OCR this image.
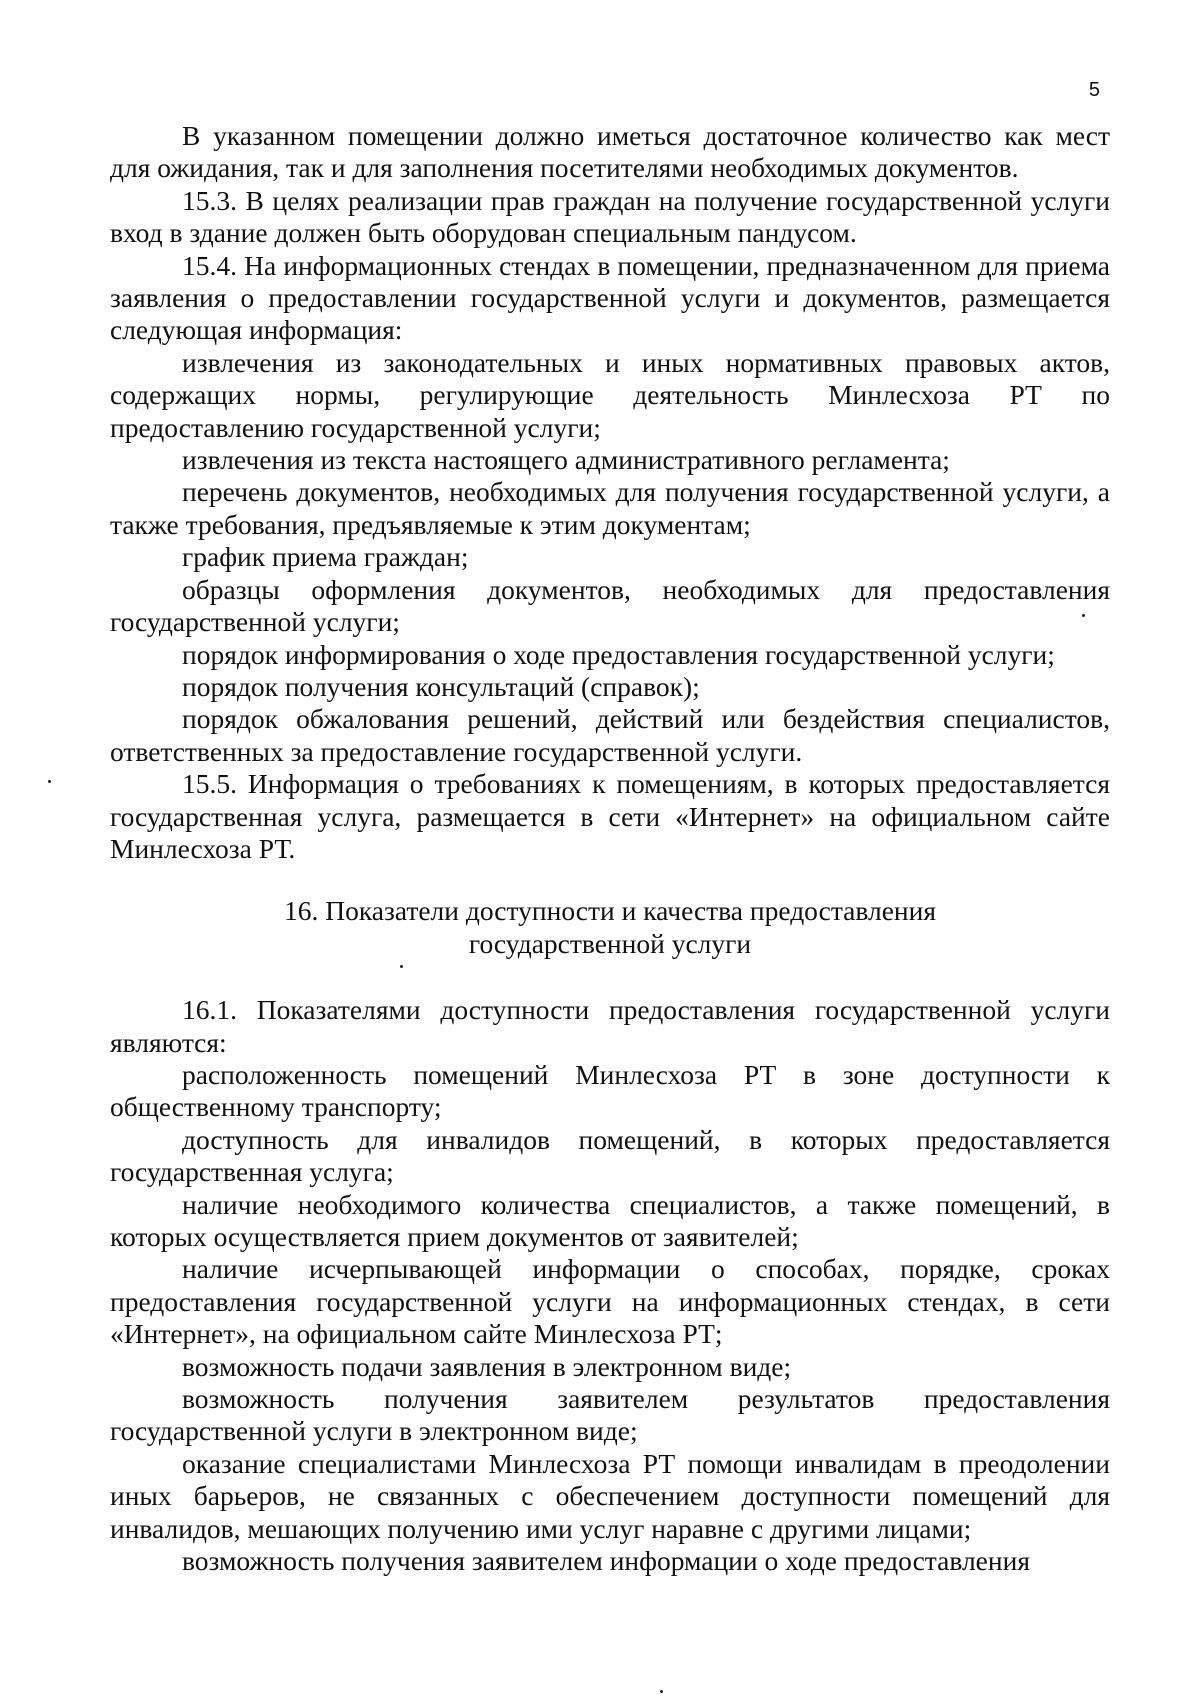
5

В указанном помещении должно иметься достаточное количество как мест для ожидания, так и для заполнения посетителями необходимых документов.

15.3. В целях реализации прав граждан на получение государственной услуги вход в здание должен быть оборудован специальным пандусом.

15.4. На информационных стендах в помещении, предназначенном для приема заявления о предоставлении государственной услуги и документов, размещается следующая информация:

извлечения из законодательных и иных нормативных правовых актов, содержащих нормы, регулирующие деятельность Минлесхоза РТ по предоставлению государственной услуги;

извлечения из текста настоящего административного регламента;

перечень документов, необходимых для получения государственной услуги, а также требования, предъявляемые к этим документам;

график приема граждан;

образцы оформления документов, необходимых для предоставления государственной услуги;

порядок информирования о ходе предоставления государственной услуги;

порядок получения консультаций (справок);

порядок обжалования решений, действий или бездействия специалистов, ответственных за предоставление государственной услуги.

15.5. Информация о требованиях к помещениям, в которых предоставляется государственная услуга, размещается в сети «Интернет» на официальном сайте Минлесхоза РТ.

16. Показатели доступности и качества предоставления
государственной услуги

16.1. Показателями доступности предоставления государственной услуги являются:

расположенность помещений Минлесхоза РТ в зоне доступности к общественному транспорту;

доступность для инвалидов помещений, в которых предоставляется государственная услуга;

наличие необходимого количества специалистов, а также помещений, в которых осуществляется прием документов от заявителей;

наличие исчерпывающей информации о способах, порядке, сроках предоставления государственной услуги на информационных стендах, в сети «Интернет», на официальном сайте Минлесхоза РТ;

возможность подачи заявления в электронном виде;

возможность получения заявителем результатов предоставления государственной услуги в электронном виде;

оказание специалистами Минлесхоза РТ помощи инвалидам в преодолении иных барьеров, не связанных с обеспечением доступности помещений для инвалидов, мешающих получению ими услуг наравне с другими лицами;

возможность получения заявителем информации о ходе предоставления
